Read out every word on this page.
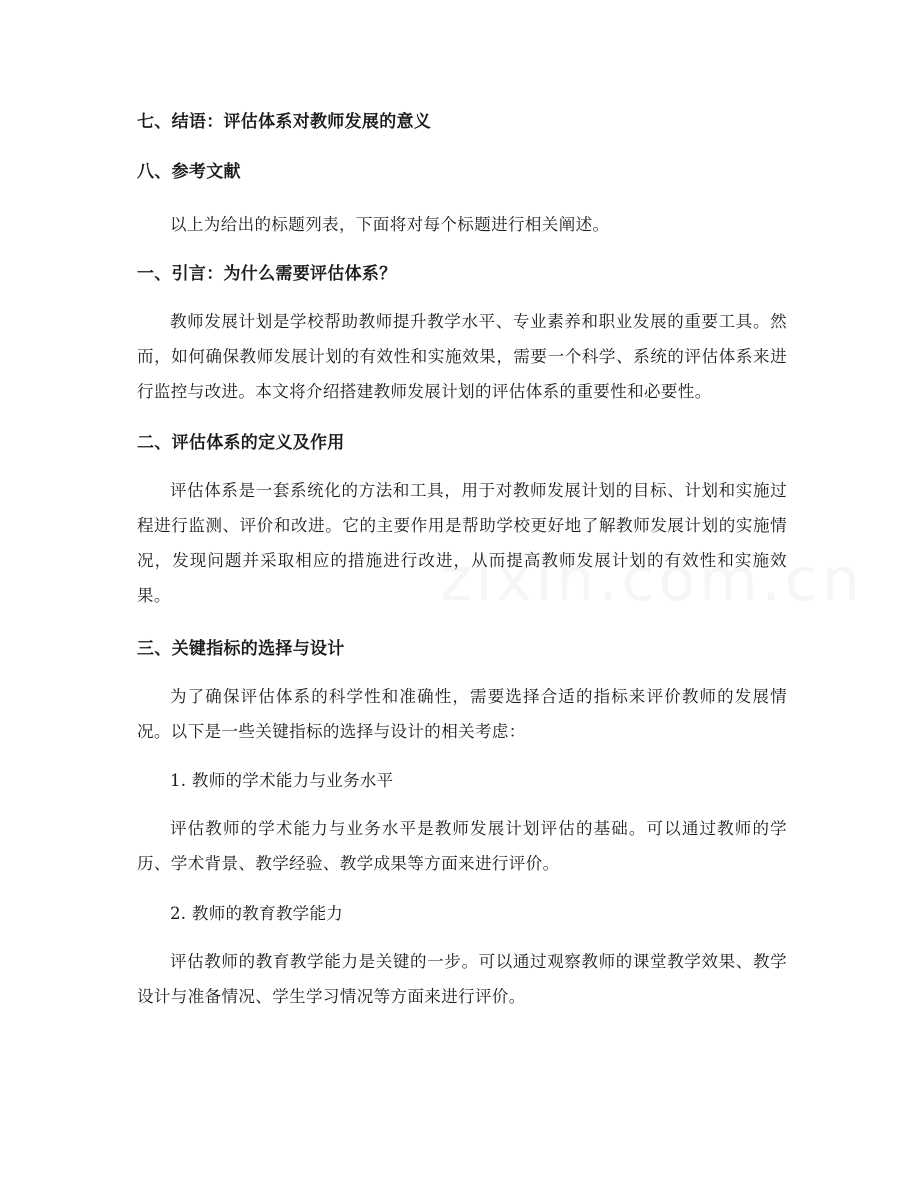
七、结语：评估体系对教师发展的意义
八、参考文献

以上为给出的标题列表，下面将对每个标题进行相关阐述。

一、引言：为什么需要评估体系？

教师发展计划是学校帮助教师提升教学水平、专业素养和职业发展的重要工具。然而，如何确保教师发展计划的有效性和实施效果，需要一个科学、系统的评估体系来进行监控与改进。本文将介绍搭建教师发展计划的评估体系的重要性和必要性。

二、评估体系的定义及作用

评估体系是一套系统化的方法和工具，用于对教师发展计划的目标、计划和实施过程进行监测、评价和改进。它的主要作用是帮助学校更好地了解教师发展计划的实施情况，发现问题并采取相应的措施进行改进，从而提高教师发展计划的有效性和实施效果。

三、关键指标的选择与设计

为了确保评估体系的科学性和准确性，需要选择合适的指标来评价教师的发展情况。以下是一些关键指标的选择与设计的相关考虑：

1. 教师的学术能力与业务水平

评估教师的学术能力与业务水平是教师发展计划评估的基础。可以通过教师的学历、学术背景、教学经验、教学成果等方面来进行评价。

2. 教师的教育教学能力

评估教师的教育教学能力是关键的一步。可以通过观察教师的课堂教学效果、教学设计与准备情况、学生学习情况等方面来进行评价。
